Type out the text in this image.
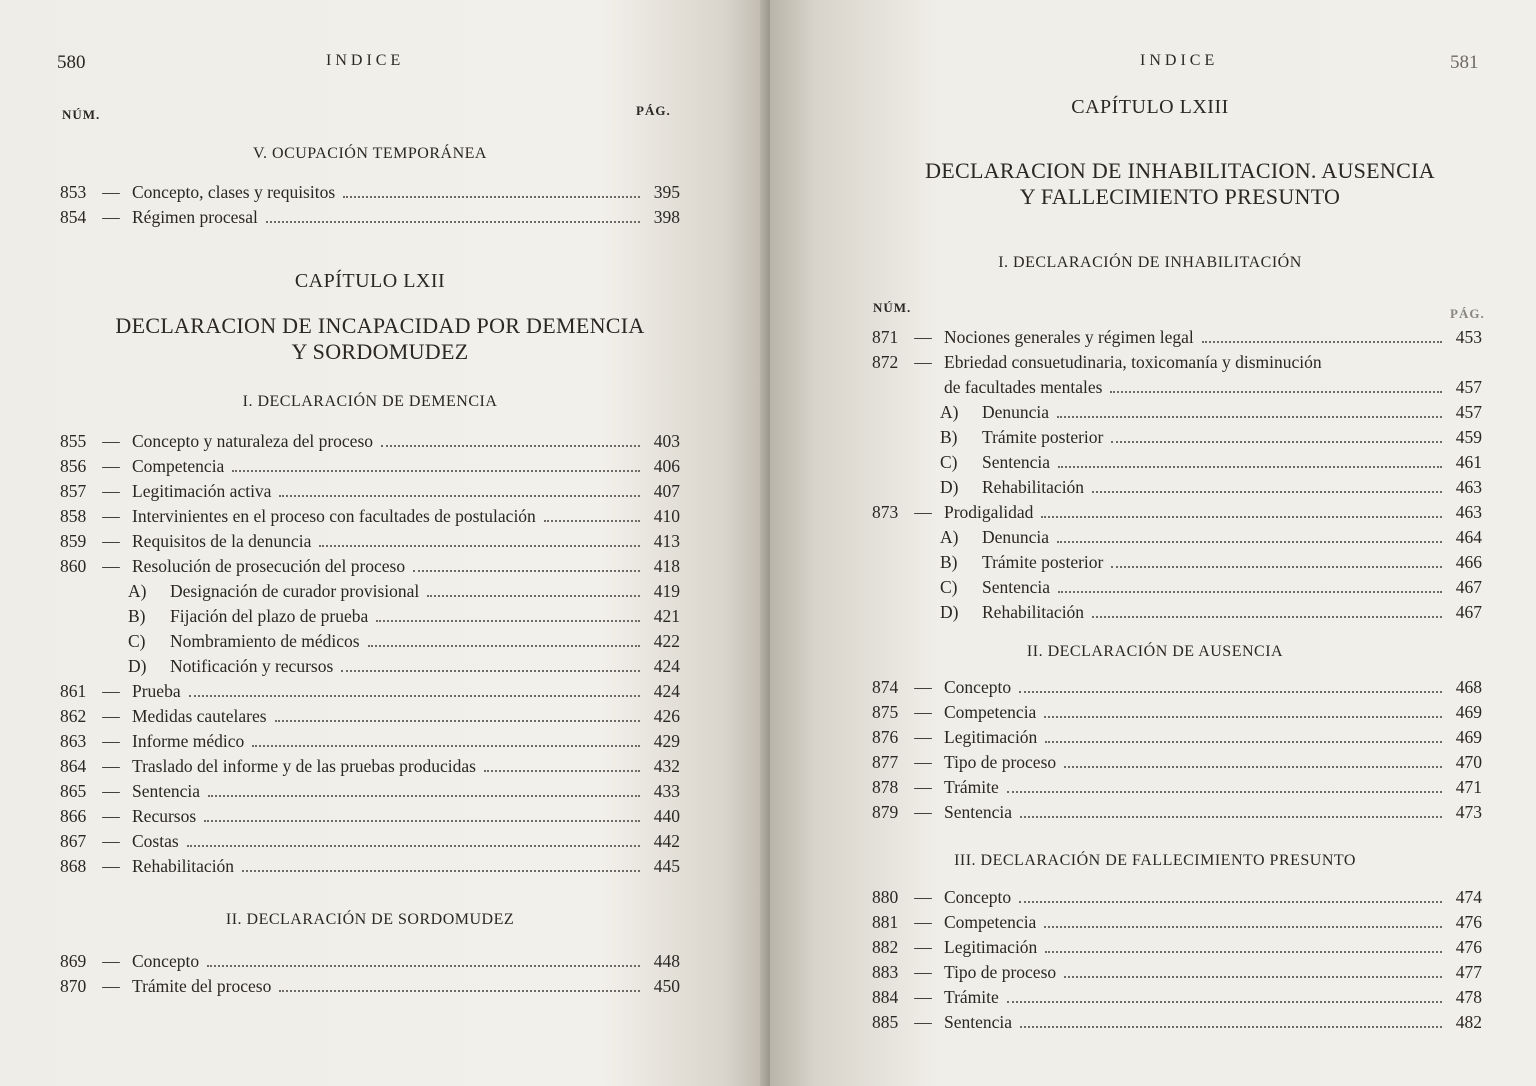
580	INDICE
NÚM.	PÁG.
V. OCUPACIÓN TEMPORÁNEA
853 — Concepto, clases y requisitos	395
854 — Régimen procesal	398
CAPÍTULO LXII
DECLARACION DE INCAPACIDAD POR DEMENCIA
Y SORDOMUDEZ
I. DECLARACIÓN DE DEMENCIA
855 — Concepto y naturaleza del proceso	403
856 — Competencia	406
857 — Legitimación activa	407
858 — Intervinientes en el proceso con facultades de postulación	410
859 — Requisitos de la denuncia	413
860 — Resolución de prosecución del proceso	418
A)	Designación de curador provisional	419
B)	Fijación del plazo de prueba	421
C)	Nombramiento de médicos	422
D)	Notificación y recursos	424
861 — Prueba	424
862 — Medidas cautelares	426
863 — Informe médico	429
864 — Traslado del informe y de las pruebas producidas	432
865 — Sentencia	433
866 — Recursos	440
867 — Costas	442
868 — Rehabilitación	445
II. DECLARACIÓN DE SORDOMUDEZ
869 — Concepto	448
870 — Trámite del proceso	450
INDICE	581
CAPÍTULO LXIII
DECLARACION DE INHABILITACION. AUSENCIA
Y FALLECIMIENTO PRESUNTO
I. DECLARACIÓN DE INHABILITACIÓN
NÚM.	PÁG.
871 — Nociones generales y régimen legal	453
872 — Ebriedad consuetudinaria, toxicomanía y disminución
de facultades mentales	457
A)	Denuncia	457
B)	Trámite posterior	459
C)	Sentencia	461
D)	Rehabilitación	463
873 — Prodigalidad	463
A)	Denuncia	464
B)	Trámite posterior	466
C)	Sentencia	467
D)	Rehabilitación	467
II. DECLARACIÓN DE AUSENCIA
874 — Concepto	468
875 — Competencia	469
876 — Legitimación	469
877 — Tipo de proceso	470
878 — Trámite	471
879 — Sentencia	473
III. DECLARACIÓN DE FALLECIMIENTO PRESUNTO
880 — Concepto	474
881 — Competencia	476
882 — Legitimación	476
883 — Tipo de proceso	477
884 — Trámite	478
885 — Sentencia	482
